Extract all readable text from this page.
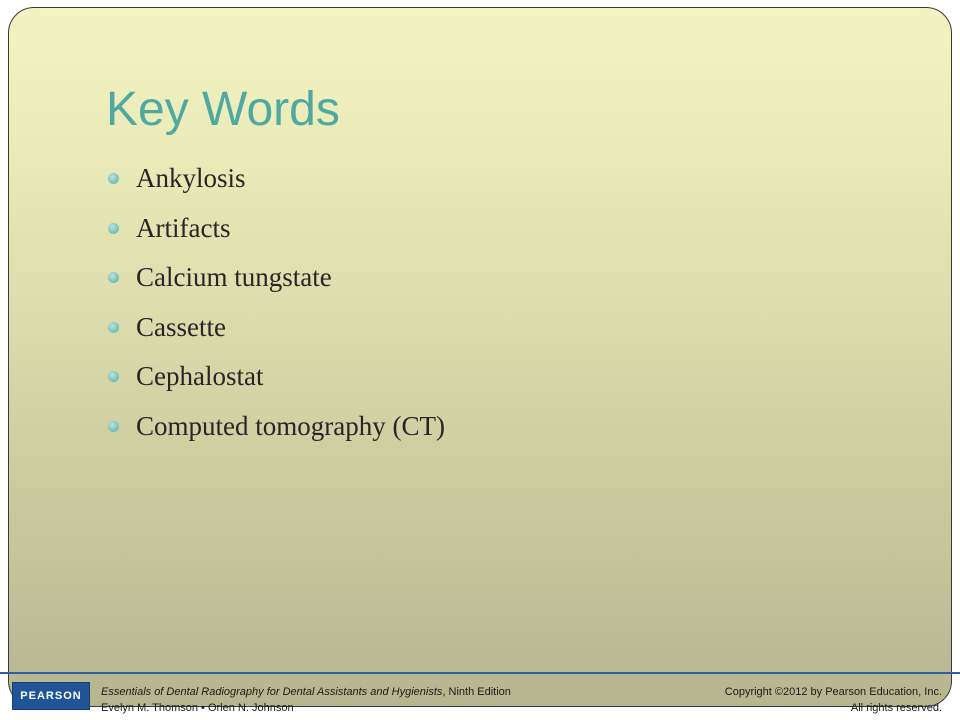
Key Words
Ankylosis
Artifacts
Calcium tungstate
Cassette
Cephalostat
Computed tomography (CT)
PEARSON Essentials of Dental Radiography for Dental Assistants and Hygienists, Ninth Edition
Evelyn M. Thomson • Orlen N. Johnson
Copyright ©2012 by Pearson Education, Inc.
All rights reserved.
